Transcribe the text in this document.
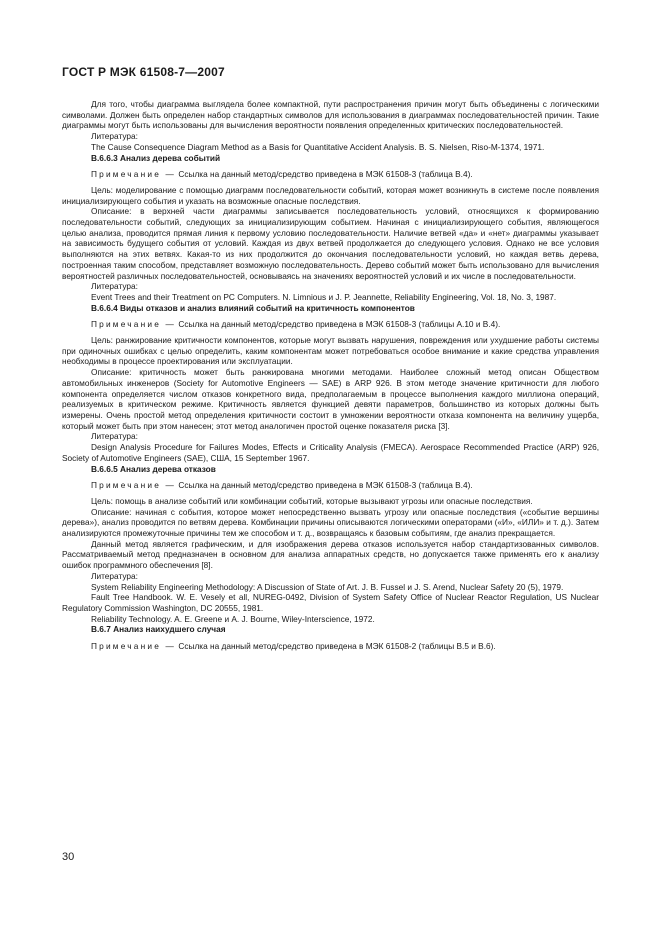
ГОСТ Р МЭК 61508-7—2007

Для того, чтобы диаграмма выглядела более компактной, пути распространения причин могут быть объединены с логическими символами. Должен быть определен набор стандартных символов для использования в диаграммах последовательностей причин. Такие диаграммы могут быть использованы для вычисления вероятности появления определенных критических последовательностей.

Литература:

The Cause Consequence Diagram Method as a Basis for Quantitative Accident Analysis. B. S. Nielsen, Riso-M-1374, 1971.

В.6.6.3 Анализ дерева событий

Примечание — Ссылка на данный метод/средство приведена в МЭК 61508-3 (таблица В.4).

Цель: моделирование с помощью диаграмм последовательности событий, которая может возникнуть в системе после появления инициализирующего события и указать на возможные опасные последствия.

Описание: в верхней части диаграммы записывается последовательность условий, относящихся к формированию последовательности событий, следующих за инициализирующим событием. Начиная с инициализирующего события, являющегося целью анализа, проводится прямая линия к первому условию последовательности. Наличие ветвей «да» и «нет» диаграммы указывает на зависимость будущего события от условий. Каждая из двух ветвей продолжается до следующего условия. Однако не все условия выполняются на этих ветвях. Какая-то из них продолжится до окончания последовательности условий, но каждая ветвь дерева, построенная таким способом, представляет возможную последовательность. Дерево событий может быть использовано для вычисления вероятностей различных последовательностей, основываясь на значениях вероятностей условий и их числе в последовательности.

Литература:

Event Trees and their Treatment on PC Computers. N. Limnious и J. P. Jeannette, Reliability Engineering, Vol. 18, No. 3, 1987.

В.6.6.4 Виды отказов и анализ влияний событий на критичность компонентов

Примечание — Ссылка на данный метод/средство приведена в МЭК 61508-3 (таблицы А.10 и В.4).

Цель: ранжирование критичности компонентов, которые могут вызвать нарушения, повреждения или ухудшение работы системы при одиночных ошибках с целью определить, каким компонентам может потребоваться особое внимание и какие средства управления необходимы в процессе проектирования или эксплуатации.

Описание: критичность может быть ранжирована многими методами. Наиболее сложный метод описан Обществом автомобильных инженеров (Society for Automotive Engineers — SAE) в ARP 926. В этом методе значение критичности для любого компонента определяется числом отказов конкретного вида, предполагаемым в процессе выполнения каждого миллиона операций, реализуемых в критическом режиме. Критичность является функцией девяти параметров, большинство из которых должны быть измерены. Очень простой метод определения критичности состоит в умножении вероятности отказа компонента на величину ущерба, который может быть при этом нанесен; этот метод аналогичен простой оценке показателя риска [3].

Литература:

Design Analysis Procedure for Failures Modes, Effects и Criticality Analysis (FMECA). Aerospace Recommended Practice (ARP) 926, Society of Automotive Engineers (SAE), США, 15 September 1967.

В.6.6.5 Анализ дерева отказов

Примечание — Ссылка на данный метод/средство приведена в МЭК 61508-3 (таблица В.4).

Цель: помощь в анализе событий или комбинации событий, которые вызывают угрозы или опасные последствия.

Описание: начиная с события, которое может непосредственно вызвать угрозу или опасные последствия («событие вершины дерева»), анализ проводится по ветвям дерева. Комбинации причины описываются логическими операторами («И», «ИЛИ» и т. д.). Затем анализируются промежуточные причины тем же способом и т. д., возвращаясь к базовым событиям, где анализ прекращается.

Данный метод является графическим, и для изображения дерева отказов используется набор стандартизованных символов. Рассматриваемый метод предназначен в основном для анализа аппаратных средств, но допускается также применять его к анализу ошибок программного обеспечения [8].

Литература:

System Reliability Engineering Methodology: A Discussion of State of Art. J. B. Fussel и J. S. Arend, Nuclear Safety 20 (5), 1979.

Fault Tree Handbook. W. E. Vesely et all, NUREG-0492, Division of System Safety Office of Nuclear Reactor Regulation, US Nuclear Regulatory Commission Washington, DC 20555, 1981.

Reliability Technology. A. E. Greene и A. J. Bourne, Wiley-Interscience, 1972.

В.6.7 Анализ наихудшего случая

Примечание — Ссылка на данный метод/средство приведена в МЭК 61508-2 (таблицы В.5 и В.6).

30
